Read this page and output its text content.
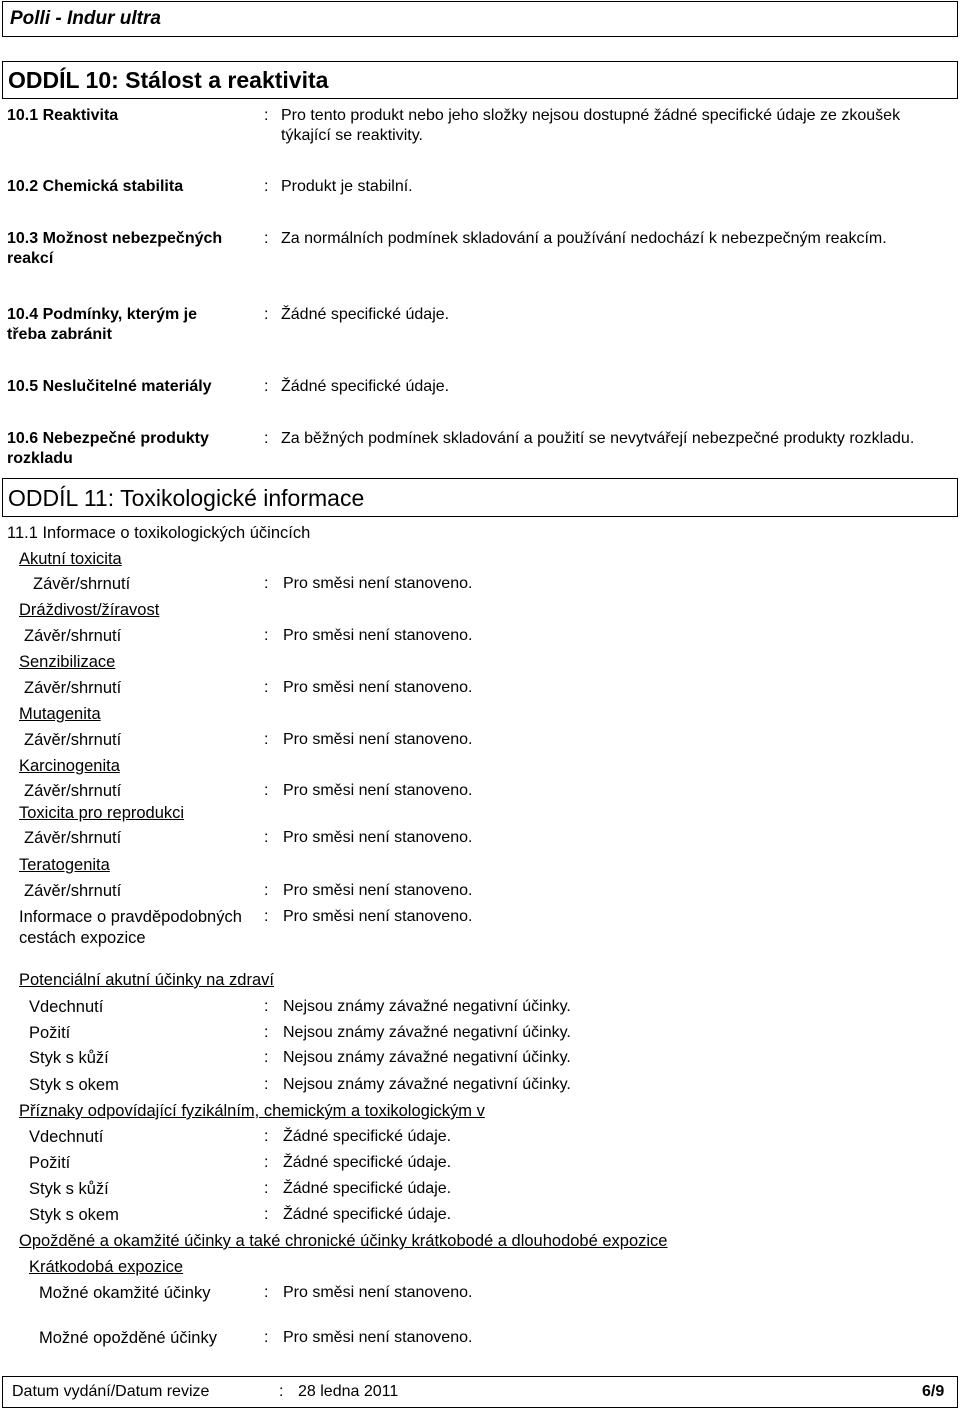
Polli - Indur ultra
ODDÍL 10: Stálost a reaktivita
10.1 Reaktivita	: Pro tento produkt nebo jeho složky nejsou dostupné žádné specifické údaje ze zkoušek týkající se reaktivity.
10.2 Chemická stabilita	: Produkt je stabilní.
10.3 Možnost nebezpečných reakcí
: Za normálních podmínek skladování a používání nedochází k nebezpečným reakcím.
10.4 Podmínky, kterým je třeba zabránit
: Žádné specifické údaje.
10.5 Neslučitelné materiály	: Žádné specifické údaje.
10.6 Nebezpečné produkty rozkladu
: Za běžných podmínek skladování a použití se nevytvářejí nebezpečné produkty rozkladu.
ODDÍL 11: Toxikologické informace
11.1 Informace o toxikologických účincích
Akutní toxicita
Závěr/shrnutí	: Pro směsi není stanoveno.
Dráždivost/žíravost
Závěr/shrnutí	: Pro směsi není stanoveno.
Senzibilizace
Závěr/shrnutí	: Pro směsi není stanoveno.
Mutagenita
Závěr/shrnutí	: Pro směsi není stanoveno.
Karcinogenita
Závěr/shrnutí	: Pro směsi není stanoveno.
Toxicita pro reprodukci
Závěr/shrnutí	: Pro směsi není stanoveno.
Teratogenita
Závěr/shrnutí	: Pro směsi není stanoveno.
Informace o pravděpodobných cestách expozice
: Pro směsi není stanoveno.
Potenciální akutní účinky na zdraví
Vdechnutí	: Nejsou známy závažné negativní účinky.
Požití	: Nejsou známy závažné negativní účinky.
Styk s kůží	: Nejsou známy závažné negativní účinky.
Styk s okem	: Nejsou známy závažné negativní účinky.
Příznaky odpovídající fyzikálním, chemickým a toxikologickým v
Vdechnutí	: Žádné specifické údaje.
Požití	: Žádné specifické údaje.
Styk s kůží	: Žádné specifické údaje.
Styk s okem	: Žádné specifické údaje.
Opožděné a okamžité účinky a také chronické účinky krátkobodé a dlouhodobé expozice
Krátkodobá expozice
Možné okamžité účinky	: Pro směsi není stanoveno.
Možné opožděné účinky	: Pro směsi není stanoveno.
Datum vydání/Datum revize	: 28 ledna 2011	6/9
